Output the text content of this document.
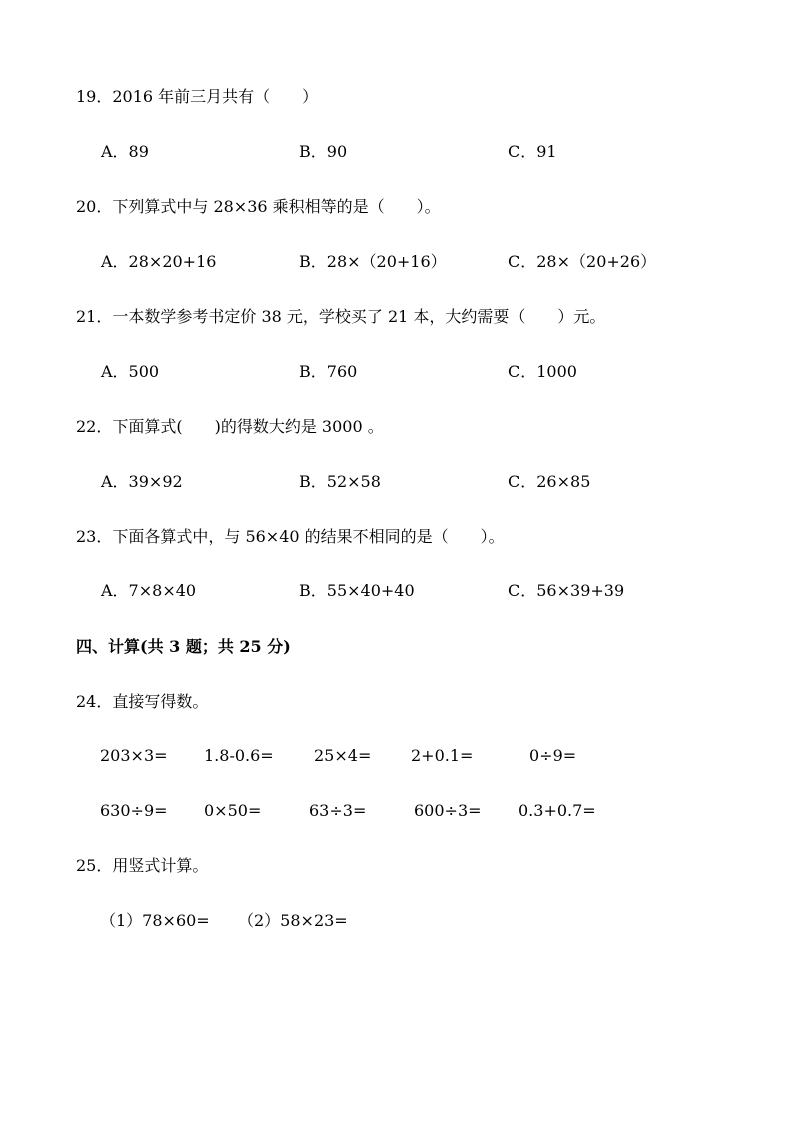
19．2016 年前三月共有（　　）
A．89	B．90	C．91
20．下列算式中与 28×36 乘积相等的是（　　）。
A．28×20+16	B．28×（20+16）	C．28×（20+26）
21．一本数学参考书定价 38 元，学校买了 21 本，大约需要（　　）元。
A．500	B．760	C．1000
22．下面算式(　　)的得数大约是 3000 。
A．39×92	B．52×58	C．26×85
23．下面各算式中，与 56×40 的结果不相同的是（　　）。
A．7×8×40	B．55×40+40	C．56×39+39
四、计算(共 3 题；共 25 分)
24．直接写得数。
203×3= 1.8-0.6=	25×4= 2+0.1=	0÷9=
630÷9= 0×50=	63÷3=	600÷3= 0.3+0.7=
25．用竖式计算。
（1）78×60= （2）58×23=
